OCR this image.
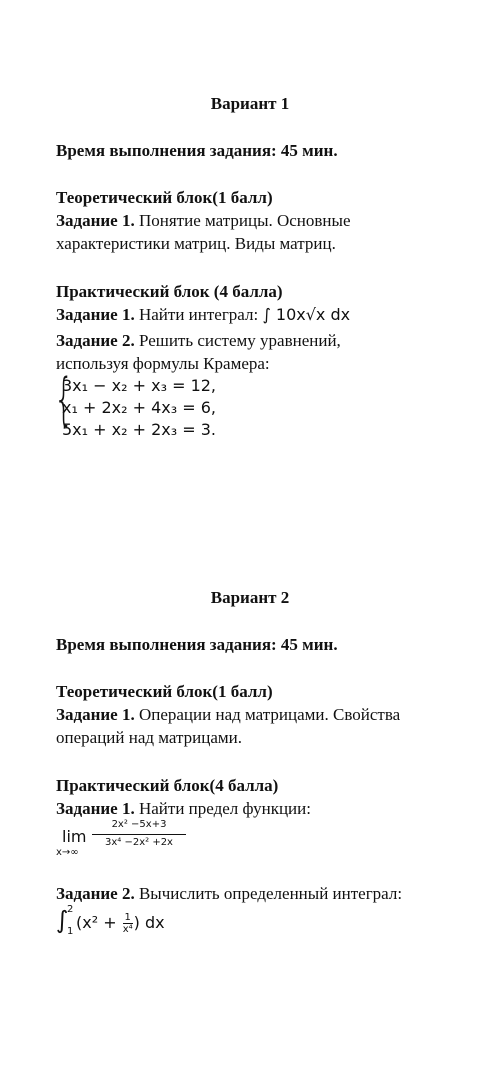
Вариант 1
Время выполнения задания: 45 мин.
Теоретический блок(1 балл)
Задание 1. Понятие матрицы. Основные
характеристики матриц. Виды матриц.
Практический блок (4 балла)
Задание 1. Найти интеграл: ∫ 10x√x dx
Задание 2. Решить систему уравнений,
используя формулы Крамера:
{
3x₁ − x₂ + x₃ = 12,
x₁ + 2x₂ + 4x₃ = 6,
5x₁ + x₂ + 2x₃ = 3.
Вариант 2
Время выполнения задания: 45 мин.
Теоретический блок(1 балл)
Задание 1. Операции над матрицами. Свойства
операций над матрицами.
Практический блок(4 балла)
Задание 1. Найти предел функции:
lim
x→∞
2x² −5x+3
3x⁴ −2x² +2x
Задание 2. Вычислить определенный интеграл:
∫
2
1 ($x^2 + \frac{1}{\text{x⁴}}$ ) dx
